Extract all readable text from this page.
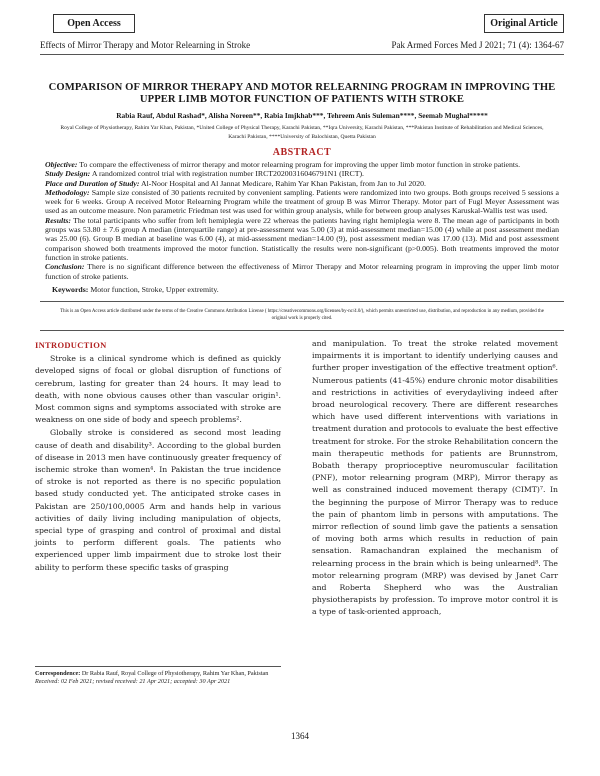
Open Access	Original Article
Effects of Mirror Therapy and Motor Relearning in Stroke	Pak Armed Forces Med J 2021; 71 (4): 1364-67
COMPARISON OF MIRROR THERAPY AND MOTOR RELEARNING PROGRAM IN IMPROVING THE UPPER LIMB MOTOR FUNCTION OF PATIENTS WITH STROKE
Rabia Rauf, Abdul Rashad*, Alisha Noreen**, Rabia Imjkhab***, Tehreem Anis Suleman****, Seemab Mughal*****
Royal College of Physiotherapy, Rahim Yar Khan, Pakistan, *United College of Physical Therapy, Karachi Pakistan, **Iqra University, Karachi Pakistan, ***Pakistan Institute of Rehabilitation and Medical Sciences, Karachi Pakistan, ****University of Balochistan, Quetta Pakistan
ABSTRACT

Objective: To compare the effectiveness of mirror therapy and motor relearning program for improving the upper limb motor function in stroke patients.

Study Design: A randomized control trial with registration number IRCT20200316046791N1 (IRCT).

Place and Duration of Study: Al-Noor Hospital and Al Jannat Medicare, Rahim Yar Khan Pakistan, from Jan to Jul 2020.

Methodology: Sample size consisted of 30 patients recruited by convenient sampling. Patients were randomized into two groups. Both groups received 5 sessions a week for 6 weeks. Group A received Motor Relearning Program while the treatment of group B was Mirror Therapy. Motor part of Fugl Meyer Assessment was used as an outcome measure. Non parametric Friedman test was used for within group analysis, while for between group analyses Karuskal-Wallis test was used.

Results: The total participants who suffer from left hemiplegia were 22 whereas the patients having right hemiplegia were 8. The mean age of participants in both groups was 53.80 ± 7.6 group A median (interquartile range) at pre-assessment was 5.00 (3) at mid-assessment median=15.00 (4) while at post assessment median was 25.00 (6). Group B median at baseline was 6.00 (4), at mid-assessment median=14.00 (9), post assessment median was 17.00 (13). Mid and post assessment comparison showed both treatments improved the motor function. Statistically the results were non-significant (p>0.005). Both treatments improved the motor function in stroke patients.

Conclusion: There is no significant difference between the effectiveness of Mirror Therapy and Motor relearning program in improving the upper limb motor function of stroke patients.

Keywords: Motor function, Stroke, Upper extremity.
This is an Open Access article distributed under the terms of the Creative Commons Attribution License ( https://creativecommons.org/licenses/by-nc/4.0/), which permits unrestricted use, distribution, and reproduction in any medium, provided the original work is properly cited.
INTRODUCTION

Stroke is a clinical syndrome which is defined as quickly developed signs of focal or global disruption of functions of cerebrum, lasting for greater than 24 hours. It may lead to death, with none obvious causes other than vascular origin¹. Most common signs and symptoms associated with stroke are weakness on one side of body and speech problems².

Globally stroke is considered as second most leading cause of death and disability³. According to the global burden of disease in 2013 men have continuously greater frequency of ischemic stroke than women⁴. In Pakistan the true incidence of stroke is not reported as there is no specific population based study conducted yet. The anticipated stroke cases in Pakistan are 250/100,0005 Arm and hands help in various activities of daily living including manipulation of objects, special type of grasping and control of proximal and distal joints to perform different goals. The patients who experienced upper limb impairment due to stroke lost their ability to perform these specific tasks of grasping

and manipulation. To treat the stroke related movement impairments it is important to identify underlying causes and further proper investigation of the effective treatment option⁶. Numerous patients (41-45%) endure chronic motor disabilities and restrictions in activities of everydayliving indeed after broad neurological recovery. There are different researches which have used different interventions with variations in treatment duration and protocols to evaluate the best effective treatment for stroke. For the stroke Rehabilitation concern the main therapeutic methods for patients are Brunnstrom, Bobath therapy proprioceptive neuromuscular facilitation (PNF), motor relearning program (MRP), Mirror therapy as well as constrained induced movement therapy (CIMT)⁷. In the beginning the purpose of Mirror Therapy was to reduce the pain of phantom limb in persons with amputations. The mirror reflection of sound limb gave the patients a sensation of moving both arms which results in reduction of pain sensation. Ramachandran explained the mechanism of relearning process in the brain which is being unlearned⁸. The motor relearning program (MRP) was devised by Janet Carr and Roberta Shepherd who was the Australian physiotherapists by profession. To improve motor control it is a type of task-oriented approach,

Correspondence: Dr Rabia Rauf, Royal College of Physiotherapy, Rahim Yar Khan, Pakistan
Received: 02 Feb 2021; revised received: 21 Apr 2021; accepted: 30 Apr 2021
1364
